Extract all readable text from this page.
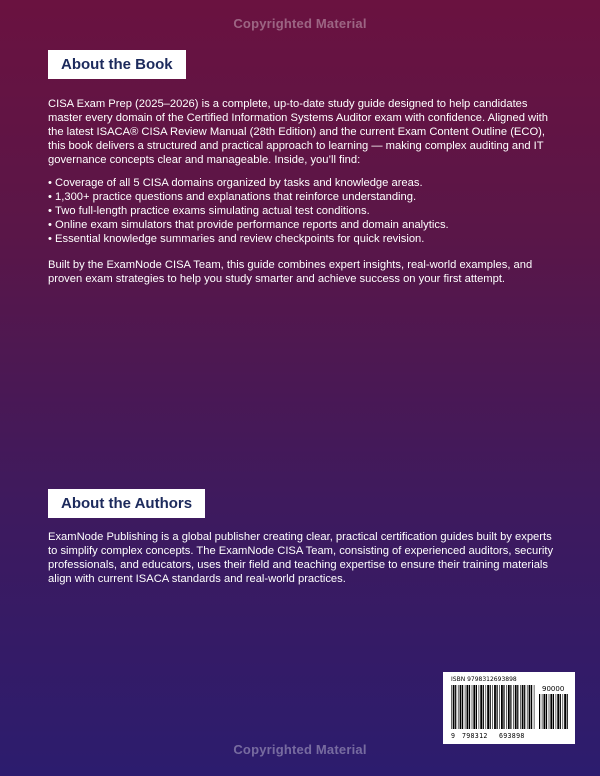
Copyrighted Material
About the Book

CISA Exam Prep (2025–2026) is a complete, up-to-date study guide designed to help candidates master every domain of the Certified Information Systems Auditor exam with confidence. Aligned with the latest ISACA® CISA Review Manual (28th Edition) and the current Exam Content Outline (ECO), this book delivers a structured and practical approach to learning — making complex auditing and IT governance concepts clear and manageable. Inside, you’ll find:

• Coverage of all 5 CISA domains organized by tasks and knowledge areas.
• 1,300+ practice questions and explanations that reinforce understanding.
• Two full-length practice exams simulating actual test conditions.
• Online exam simulators that provide performance reports and domain analytics.
• Essential knowledge summaries and review checkpoints for quick revision.

Built by the ExamNode CISA Team, this guide combines expert insights, real-world examples, and proven exam strategies to help you study smarter and achieve success on your first attempt.

About the Authors

ExamNode Publishing is a global publisher creating clear, practical certification guides built by experts to simplify complex concepts. The ExamNode CISA Team, consisting of experienced auditors, security professionals, and educators, uses their field and teaching expertise to ensure their training materials align with current ISACA standards and real-world practices.

ISBN 9798312693898
90000
9 798312 693898
Copyrighted Material
